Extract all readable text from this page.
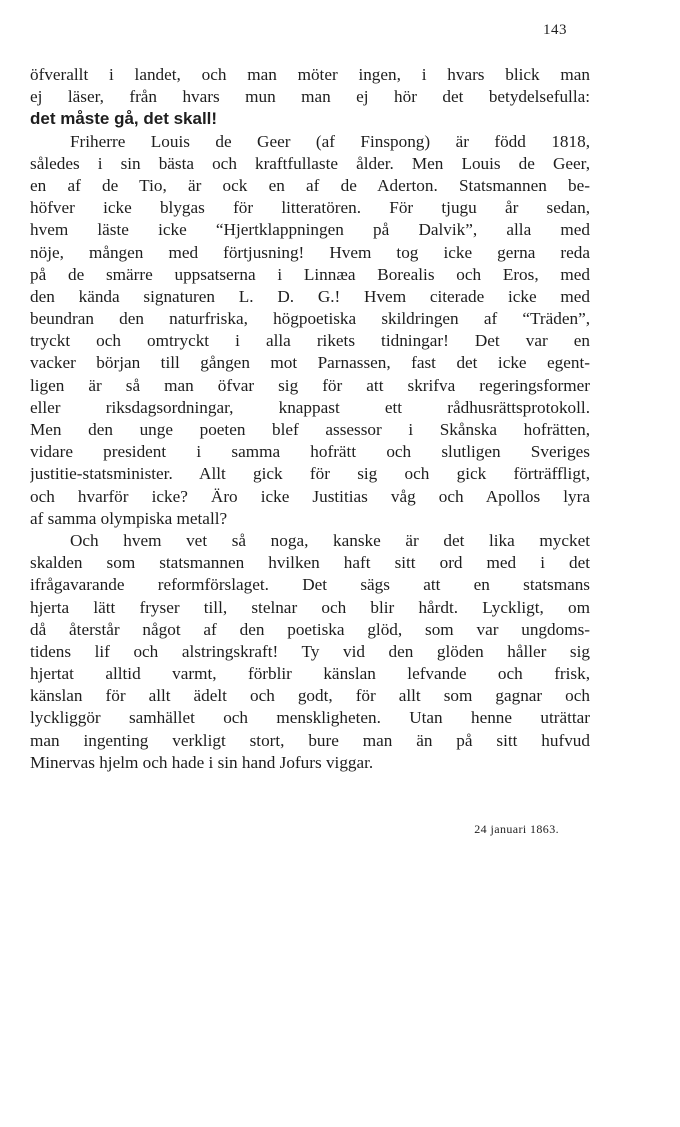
143
öfverallt i landet, och man möter ingen, i hvars blick man
ej läser, från hvars mun man ej hör det betydelsefulla:
det måste gå, det skall!
Friherre Louis de Geer (af Finspong) är född 1818,
således i sin bästa och kraftfullaste ålder. Men Louis de Geer,
en af de Tio, är ock en af de Aderton. Statsmannen be-
höfver icke blygas för litteratören. För tjugu år sedan,
hvem läste icke “Hjertklappningen på Dalvik”, alla med
nöje, mången med förtjusning! Hvem tog icke gerna reda
på de smärre uppsatserna i Linnæa Borealis och Eros, med
den kända signaturen L. D. G.! Hvem citerade icke med
beundran den naturfriska, högpoetiska skildringen af “Träden”,
tryckt och omtryckt i alla rikets tidningar! Det var en
vacker början till gången mot Parnassen, fast det icke egent-
ligen är så man öfvar sig för att skrifva regeringsformer
eller riksdagsordningar, knappast ett rådhusrättsprotokoll.
Men den unge poeten blef assessor i Skånska hofrätten,
vidare president i samma hofrätt och slutligen Sveriges
justitie-statsminister. Allt gick för sig och gick förträffligt,
och hvarför icke? Äro icke Justitias våg och Apollos lyra
af samma olympiska metall?
Och hvem vet så noga, kanske är det lika mycket
skalden som statsmannen hvilken haft sitt ord med i det
ifrågavarande reformförslaget. Det sägs att en statsmans
hjerta lätt fryser till, stelnar och blir hårdt. Lyckligt, om
då återstår något af den poetiska glöd, som var ungdoms-
tidens lif och alstringskraft! Ty vid den glöden håller sig
hjertat alltid varmt, förblir känslan lefvande och frisk,
känslan för allt ädelt och godt, för allt som gagnar och
lyckliggör samhället och menskligheten. Utan henne uträttar
man ingenting verkligt stort, bure man än på sitt hufvud
Minervas hjelm och hade i sin hand Jofurs viggar.
24 januari 1863.
